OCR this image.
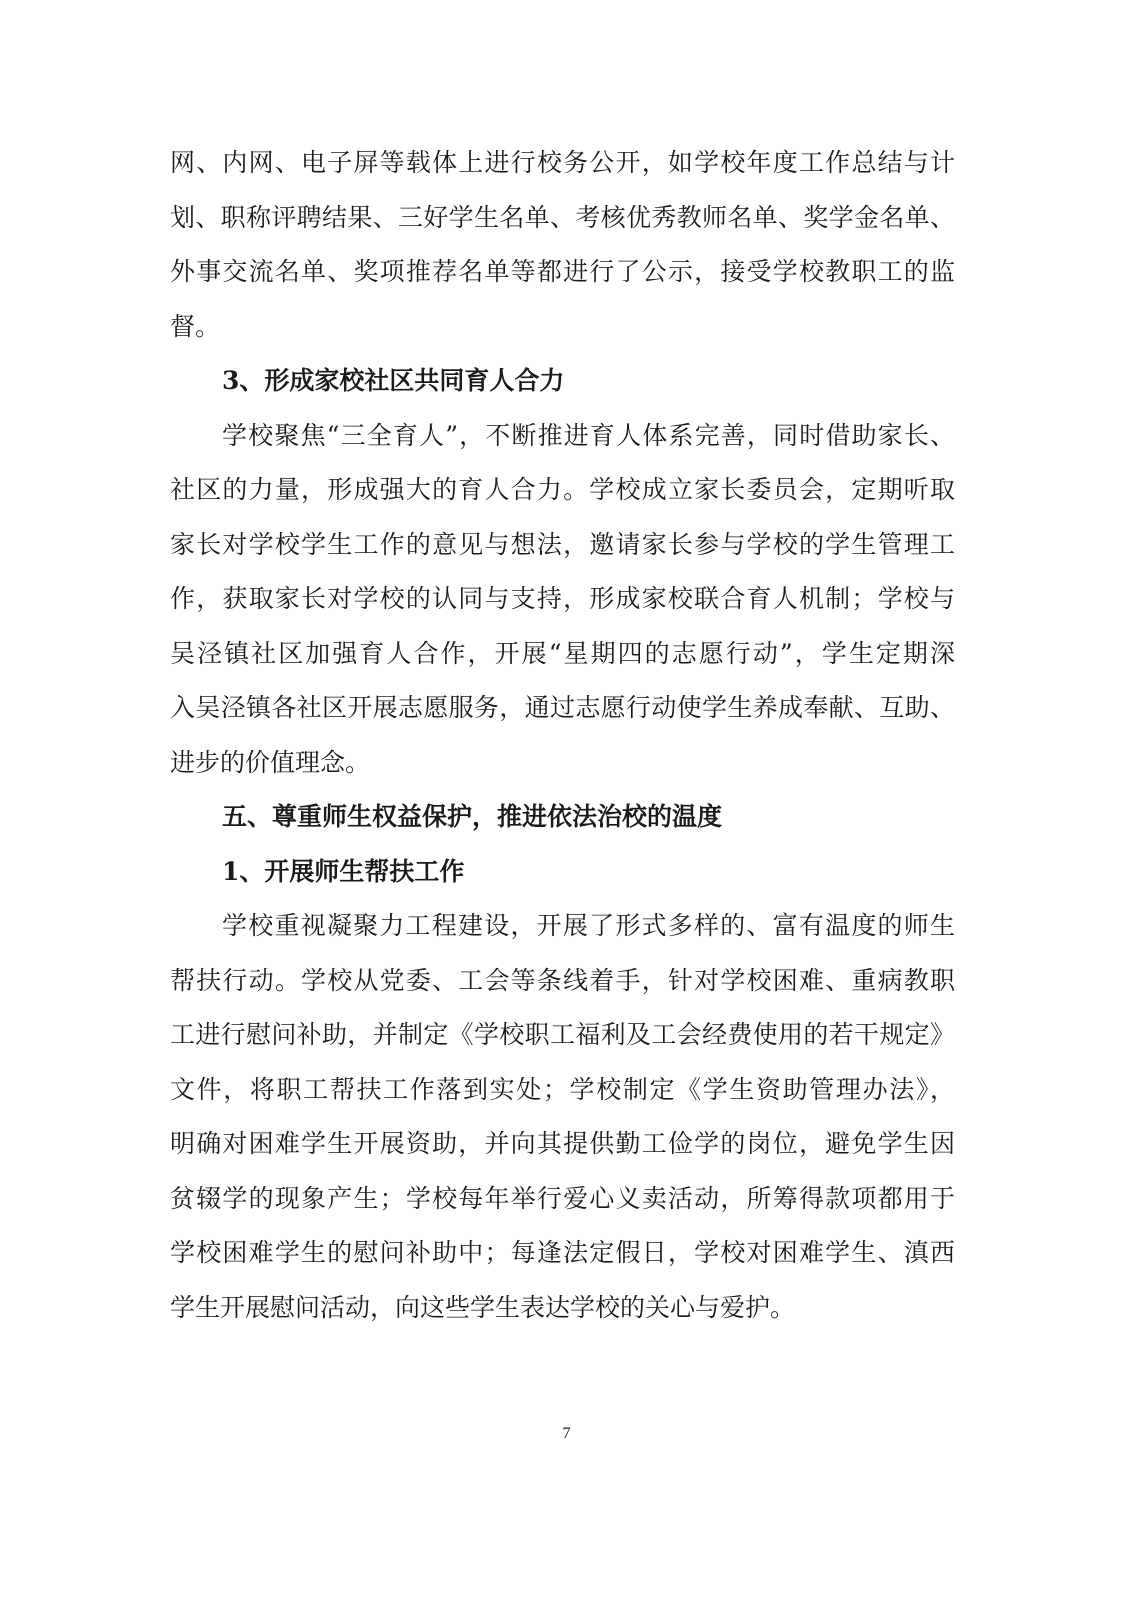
网、内网、电子屏等载体上进行校务公开，如学校年度工作总结与计
划、职称评聘结果、三好学生名单、考核优秀教师名单、奖学金名单、
外事交流名单、奖项推荐名单等都进行了公示，接受学校教职工的监
督。
3、形成家校社区共同育人合力
学校聚焦“三全育人”，不断推进育人体系完善，同时借助家长、
社区的力量，形成强大的育人合力。学校成立家长委员会，定期听取
家长对学校学生工作的意见与想法，邀请家长参与学校的学生管理工
作，获取家长对学校的认同与支持，形成家校联合育人机制；学校与
吴泾镇社区加强育人合作，开展“星期四的志愿行动”，学生定期深
入吴泾镇各社区开展志愿服务，通过志愿行动使学生养成奉献、互助、
进步的价值理念。
五、尊重师生权益保护，推进依法治校的温度
1、开展师生帮扶工作
学校重视凝聚力工程建设，开展了形式多样的、富有温度的师生
帮扶行动。学校从党委、工会等条线着手，针对学校困难、重病教职
工进行慰问补助，并制定《学校职工福利及工会经费使用的若干规定》
文件，将职工帮扶工作落到实处；学校制定《学生资助管理办法》，
明确对困难学生开展资助，并向其提供勤工俭学的岗位，避免学生因
贫辍学的现象产生；学校每年举行爱心义卖活动，所筹得款项都用于
学校困难学生的慰问补助中；每逢法定假日，学校对困难学生、滇西
学生开展慰问活动，向这些学生表达学校的关心与爱护。
7
